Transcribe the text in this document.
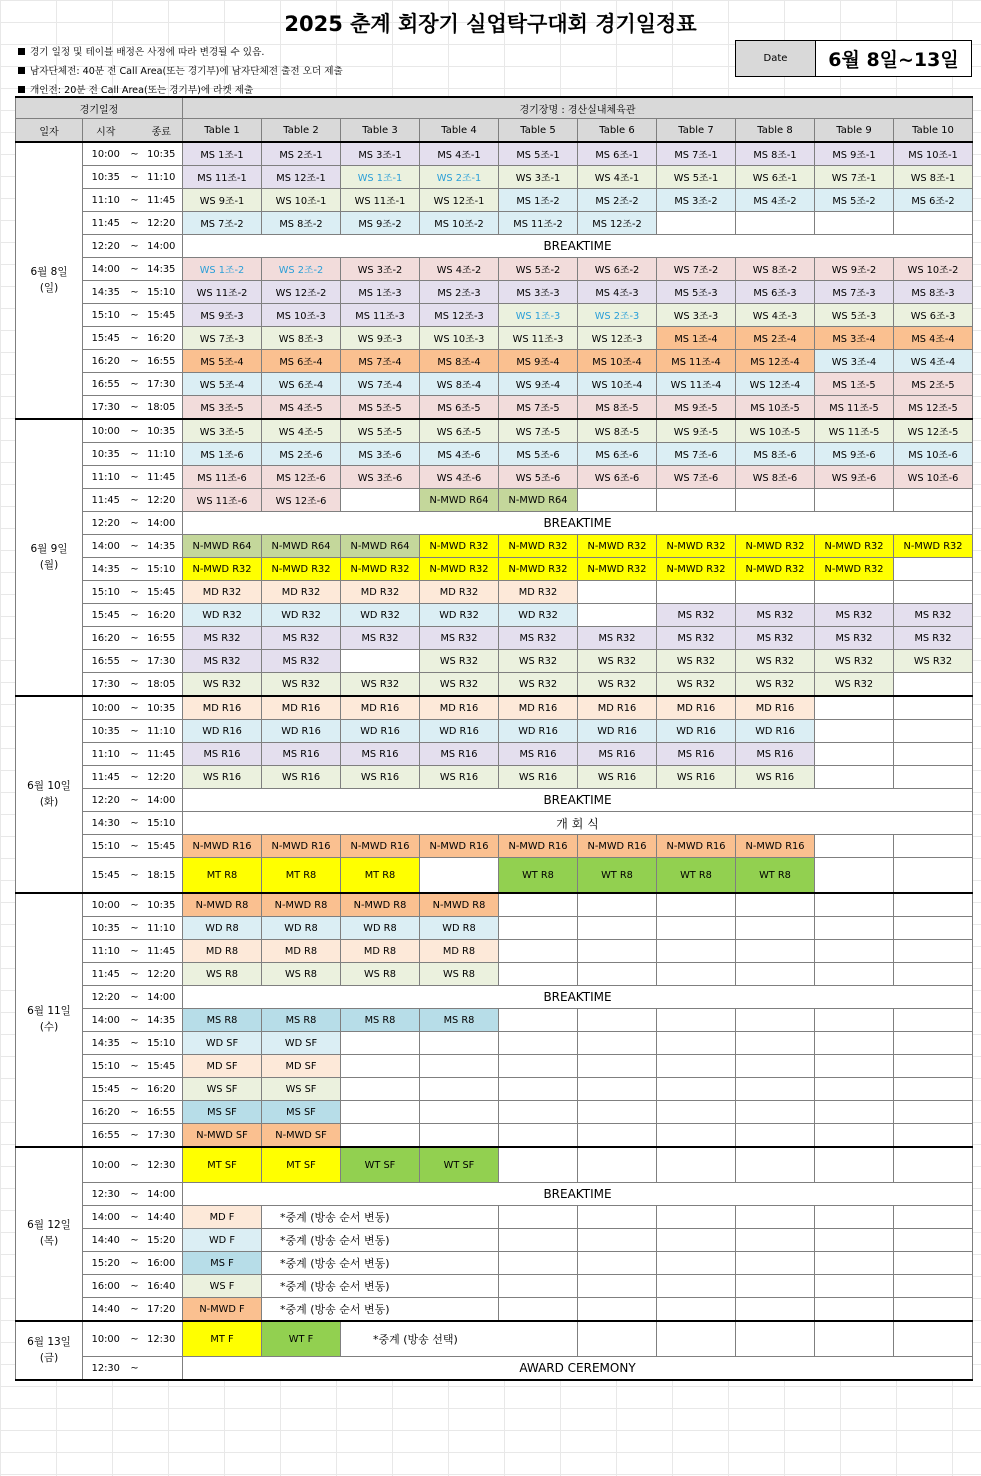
2025 춘계 회장기 실업탁구대회 경기일정표
경기 일정 및 테이블 배정은 사정에 따라 변경될 수 있음.
남자단체전: 40분 전 Call Area(또는 경기부)에 남자단체전 출전 오더 제출
개인전: 20분 전 Call Area(또는 경기부)에 라켓 제출
Date	6월 8일~13일
경기일정				경기장명 : 경산실내체육관									
일자	시작		종료	Table 1	Table 2	Table 3	Table 4	Table 5	Table 6	Table 7	Table 8	Table 9	Table 10

6월 8일
(일)	10:00	~	10:35	MS 1조-1	MS 2조-1	MS 3조-1	MS 4조-1	MS 5조-1	MS 6조-1	MS 7조-1	MS 8조-1	MS 9조-1	MS 10조-1
	10:35	~	11:10	MS 11조-1	MS 12조-1	WS 1조-1	WS 2조-1	WS 3조-1	WS 4조-1	WS 5조-1	WS 6조-1	WS 7조-1	WS 8조-1
	11:10	~	11:45	WS 9조-1	WS 10조-1	WS 11조-1	WS 12조-1	MS 1조-2	MS 2조-2	MS 3조-2	MS 4조-2	MS 5조-2	MS 6조-2
	11:45	~	12:20	MS 7조-2	MS 8조-2	MS 9조-2	MS 10조-2	MS 11조-2	MS 12조-2				
	12:20	~	14:00	BREAKTIME									
	14:00	~	14:35	WS 1조-2	WS 2조-2	WS 3조-2	WS 4조-2	WS 5조-2	WS 6조-2	WS 7조-2	WS 8조-2	WS 9조-2	WS 10조-2
	14:35	~	15:10	WS 11조-2	WS 12조-2	MS 1조-3	MS 2조-3	MS 3조-3	MS 4조-3	MS 5조-3	MS 6조-3	MS 7조-3	MS 8조-3
	15:10	~	15:45	MS 9조-3	MS 10조-3	MS 11조-3	MS 12조-3	WS 1조-3	WS 2조-3	WS 3조-3	WS 4조-3	WS 5조-3	WS 6조-3
	15:45	~	16:20	WS 7조-3	WS 8조-3	WS 9조-3	WS 10조-3	WS 11조-3	WS 12조-3	MS 1조-4	MS 2조-4	MS 3조-4	MS 4조-4
	16:20	~	16:55	MS 5조-4	MS 6조-4	MS 7조-4	MS 8조-4	MS 9조-4	MS 10조-4	MS 11조-4	MS 12조-4	WS 3조-4	WS 4조-4
	16:55	~	17:30	WS 5조-4	WS 6조-4	WS 7조-4	WS 8조-4	WS 9조-4	WS 10조-4	WS 11조-4	WS 12조-4	MS 1조-5	MS 2조-5
	17:30	~	18:05	MS 3조-5	MS 4조-5	MS 5조-5	MS 6조-5	MS 7조-5	MS 8조-5	MS 9조-5	MS 10조-5	MS 11조-5	MS 12조-5

6월 9일
(월)	10:00	~	10:35	WS 3조-5	WS 4조-5	WS 5조-5	WS 6조-5	WS 7조-5	WS 8조-5	WS 9조-5	WS 10조-5	WS 11조-5	WS 12조-5
	10:35	~	11:10	MS 1조-6	MS 2조-6	MS 3조-6	MS 4조-6	MS 5조-6	MS 6조-6	MS 7조-6	MS 8조-6	MS 9조-6	MS 10조-6
	11:10	~	11:45	MS 11조-6	MS 12조-6	WS 3조-6	WS 4조-6	WS 5조-6	WS 6조-6	WS 7조-6	WS 8조-6	WS 9조-6	WS 10조-6
	11:45	~	12:20	WS 11조-6	WS 12조-6		N-MWD R64	N-MWD R64					
	12:20	~	14:00	BREAKTIME									
	14:00	~	14:35	N-MWD R64	N-MWD R64	N-MWD R64	N-MWD R32	N-MWD R32	N-MWD R32	N-MWD R32	N-MWD R32	N-MWD R32	N-MWD R32
	14:35	~	15:10	N-MWD R32	N-MWD R32	N-MWD R32	N-MWD R32	N-MWD R32	N-MWD R32	N-MWD R32	N-MWD R32	N-MWD R32	
	15:10	~	15:45	MD R32	MD R32	MD R32	MD R32	MD R32					
	15:45	~	16:20	WD R32	WD R32	WD R32	WD R32	WD R32		MS R32	MS R32	MS R32	MS R32
	16:20	~	16:55	MS R32	MS R32	MS R32	MS R32	MS R32	MS R32	MS R32	MS R32	MS R32	MS R32
	16:55	~	17:30	MS R32	MS R32		WS R32	WS R32	WS R32	WS R32	WS R32	WS R32	WS R32
	17:30	~	18:05	WS R32	WS R32	WS R32	WS R32	WS R32	WS R32	WS R32	WS R32	WS R32	

6월 10일
(화)	10:00	~	10:35	MD R16	MD R16	MD R16	MD R16	MD R16	MD R16	MD R16	MD R16		
	10:35	~	11:10	WD R16	WD R16	WD R16	WD R16	WD R16	WD R16	WD R16	WD R16		
	11:10	~	11:45	MS R16	MS R16	MS R16	MS R16	MS R16	MS R16	MS R16	MS R16		
	11:45	~	12:20	WS R16	WS R16	WS R16	WS R16	WS R16	WS R16	WS R16	WS R16		
	12:20	~	14:00	BREAKTIME									
	14:30	~	15:10	개 회 식									
	15:10	~	15:45	N-MWD R16	N-MWD R16	N-MWD R16	N-MWD R16	N-MWD R16	N-MWD R16	N-MWD R16	N-MWD R16		
	15:45	~	18:15	MT R8	MT R8	MT R8		WT R8	WT R8	WT R8	WT R8		

6월 11일
(수)	10:00	~	10:35	N-MWD R8	N-MWD R8	N-MWD R8	N-MWD R8						
	10:35	~	11:10	WD R8	WD R8	WD R8	WD R8						
	11:10	~	11:45	MD R8	MD R8	MD R8	MD R8						
	11:45	~	12:20	WS R8	WS R8	WS R8	WS R8						
	12:20	~	14:00	BREAKTIME									
	14:00	~	14:35	MS R8	MS R8	MS R8	MS R8						
	14:35	~	15:10	WD SF	WD SF								
	15:10	~	15:45	MD SF	MD SF								
	15:45	~	16:20	WS SF	WS SF								
	16:20	~	16:55	MS SF	MS SF								
	16:55	~	17:30	N-MWD SF	N-MWD SF								

6월 12일
(목)	10:00	~	12:30	MT SF	MT SF	WT SF	WT SF						
	12:30	~	14:00	BREAKTIME									
	14:00	~	14:40	MD F	*중계 (방송 순서 변동)								
	14:40	~	15:20	WD F	*중계 (방송 순서 변동)								
	15:20	~	16:00	MS F	*중계 (방송 순서 변동)								
	16:00	~	16:40	WS F	*중계 (방송 순서 변동)								
	14:40	~	17:20	N-MWD F	*중계 (방송 순서 변동)								

6월 13일
(금)	10:00	~	12:30	MT F	WT F	*중계 (방송 선택)							
	12:30	~		AWARD CEREMONY									
